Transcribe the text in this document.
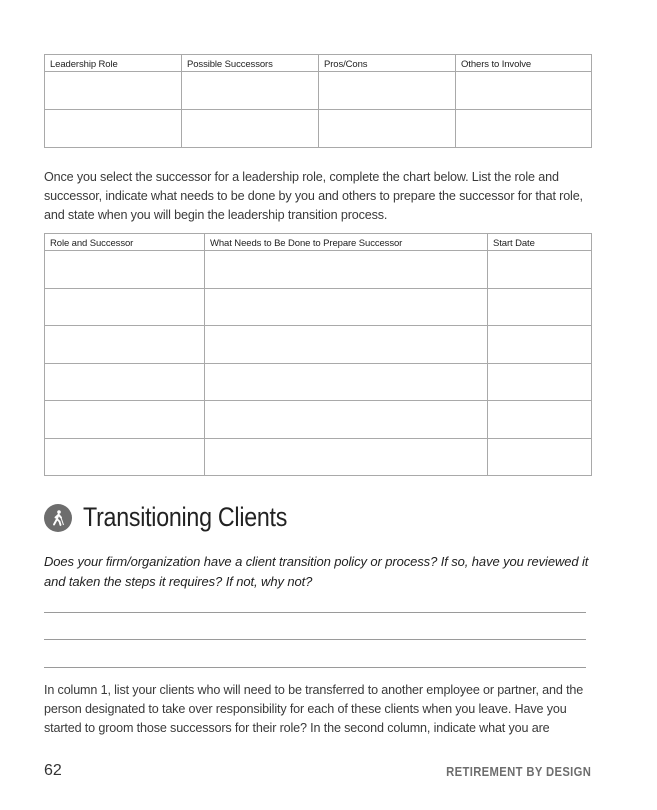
Leadership Role	Possible Successors	Pros/Cons	Others to Involve

Once you select the successor for a leadership role, complete the chart below. List the role and successor, indicate what needs to be done by you and others to prepare the successor for that role, and state when you will begin the leadership transition process.
Role and Successor	What Needs to Be Done to Prepare Successor	Start Date

Transitioning Clients
Does your firm/organization have a client transition policy or process? If so, have you reviewed it and taken the steps it requires? If not, why not?
In column 1, list your clients who will need to be transferred to another employee or partner, and the person designated to take over responsibility for each of these clients when you leave. Have you started to groom those successors for their role? In the second column, indicate what you are
62	RETIREMENT BY DESIGN
